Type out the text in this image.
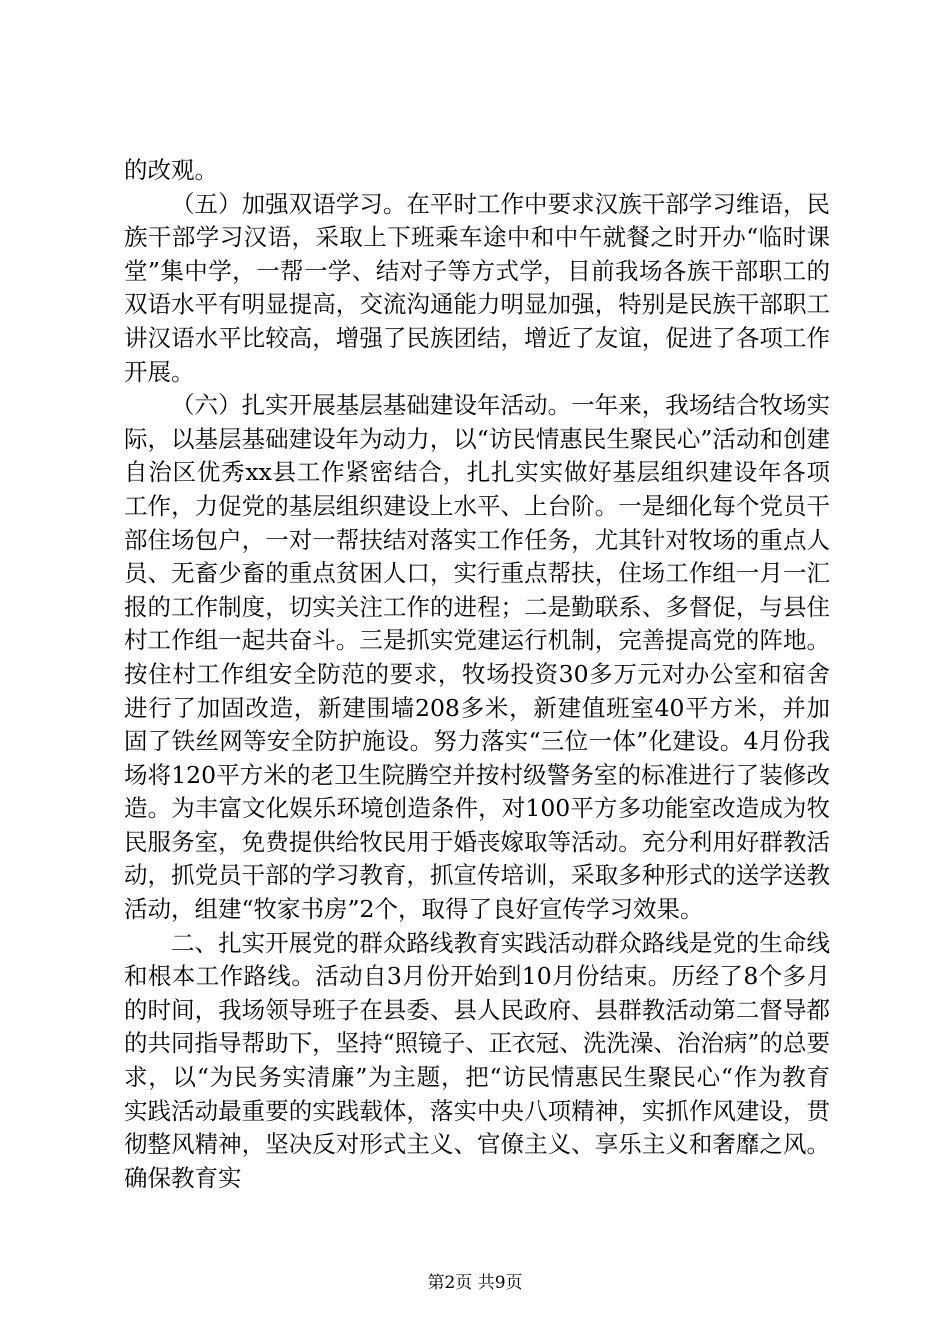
的改观。

（五）加强双语学习。在平时工作中要求汉族干部学习维语，民族干部学习汉语，采取上下班乘车途中和中午就餐之时开办“临时课堂”集中学，一帮一学、结对子等方式学，目前我场各族干部职工的双语水平有明显提高，交流沟通能力明显加强，特别是民族干部职工讲汉语水平比较高，增强了民族团结，增近了友谊，促进了各项工作开展。

（六）扎实开展基层基础建设年活动。一年来，我场结合牧场实际，以基层基础建设年为动力，以“访民情惠民生聚民心”活动和创建自治区优秀xx县工作紧密结合，扎扎实实做好基层组织建设年各项工作，力促党的基层组织建设上水平、上台阶。一是细化每个党员干部住场包户，一对一帮扶结对落实工作任务，尤其针对牧场的重点人员、无畜少畜的重点贫困人口，实行重点帮扶，住场工作组一月一汇报的工作制度，切实关注工作的进程；二是勤联系、多督促，与县住村工作组一起共奋斗。三是抓实党建运行机制，完善提高党的阵地。按住村工作组安全防范的要求，牧场投资30多万元对办公室和宿舍进行了加固改造，新建围墙208多米，新建值班室40平方米，并加固了铁丝网等安全防护施设。努力落实“三位一体”化建设。4月份我场将120平方米的老卫生院腾空并按村级警务室的标准进行了装修改造。为丰富文化娱乐环境创造条件，对100平方多功能室改造成为牧民服务室，免费提供给牧民用于婚丧嫁取等活动。充分利用好群教活动，抓党员干部的学习教育，抓宣传培训，采取多种形式的送学送教活动，组建“牧家书房”2个，取得了良好宣传学习效果。

二、扎实开展党的群众路线教育实践活动群众路线是党的生命线和根本工作路线。活动自3月份开始到10月份结束。历经了8个多月的时间，我场领导班子在县委、县人民政府、县群教活动第二督导都的共同指导帮助下，坚持“照镜子、正衣冠、洗洗澡、治治病”的总要求，以“为民务实清廉”为主题，把“访民情惠民生聚民心“作为教育实践活动最重要的实践载体，落实中央八项精神，实抓作风建设，贯彻整风精神，坚决反对形式主义、官僚主义、享乐主义和奢靡之风。确保教育实

第2页 共9页
